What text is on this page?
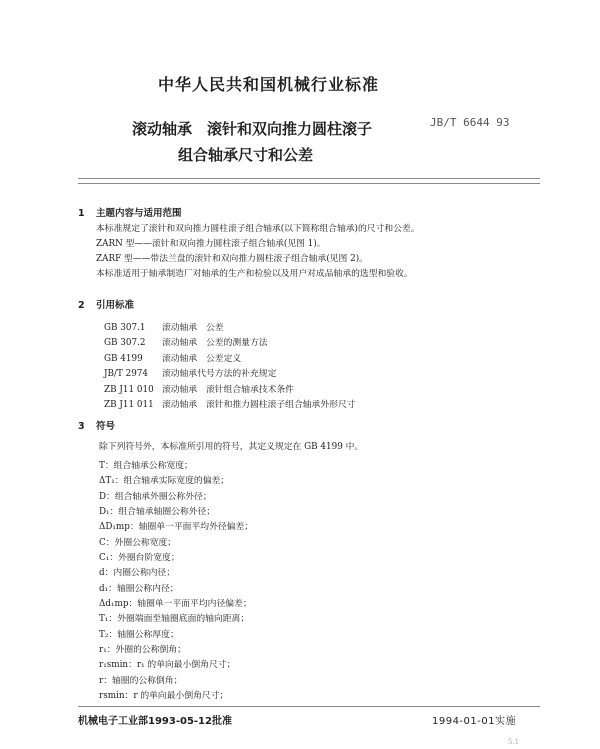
中华人民共和国机械行业标准
滚动轴承　滚针和双向推力圆柱滚子
组合轴承尺寸和公差
JB/T 6644 93
1 主题内容与适用范围
本标准规定了滚针和双向推力圆柱滚子组合轴承(以下简称组合轴承)的尺寸和公差。
ZARN 型——滚针和双向推力圆柱滚子组合轴承(见图 1)。
ZARF 型——带法兰盘的滚针和双向推力圆柱滚子组合轴承(见图 2)。
本标准适用于轴承制造厂对轴承的生产和检验以及用户对成品轴承的选型和验收。
2 引用标准
GB 307.1 滚动轴承　公差
GB 307.2 滚动轴承　公差的测量方法
GB 4199 滚动轴承　公差定义
JB/T 2974 滚动轴承代号方法的补充规定
ZB J11 010 滚动轴承　滚针组合轴承技术条件
ZB J11 011 滚动轴承　滚针和推力圆柱滚子组合轴承外形尺寸
3 符号
除下列符号外，本标准所引用的符号，其定义规定在 GB 4199 中。
T：组合轴承公称宽度；
ΔT₁：组合轴承实际宽度的偏差；
D：组合轴承外圈公称外径；
D₁：组合轴承轴圈公称外径；
ΔD₁mp：轴圈单一平面平均外径偏差；
C：外圈公称宽度；
C₁：外圈台阶宽度；
d：内圈公称内径；
d₁：轴圈公称内径；
Δd₁mp：轴圈单一平面平均内径偏差；
T₁：外圈端面至轴圈底面的轴向距离；
T₂：轴圈公称厚度；
r₁：外圈的公称倒角；
r₁smin：r₁ 的单向最小倒角尺寸；
r：轴圈的公称倒角；
rsmin：r 的单向最小倒角尺寸；
机械电子工业部1993-05-12批准	1994-01-01实施
5.1
